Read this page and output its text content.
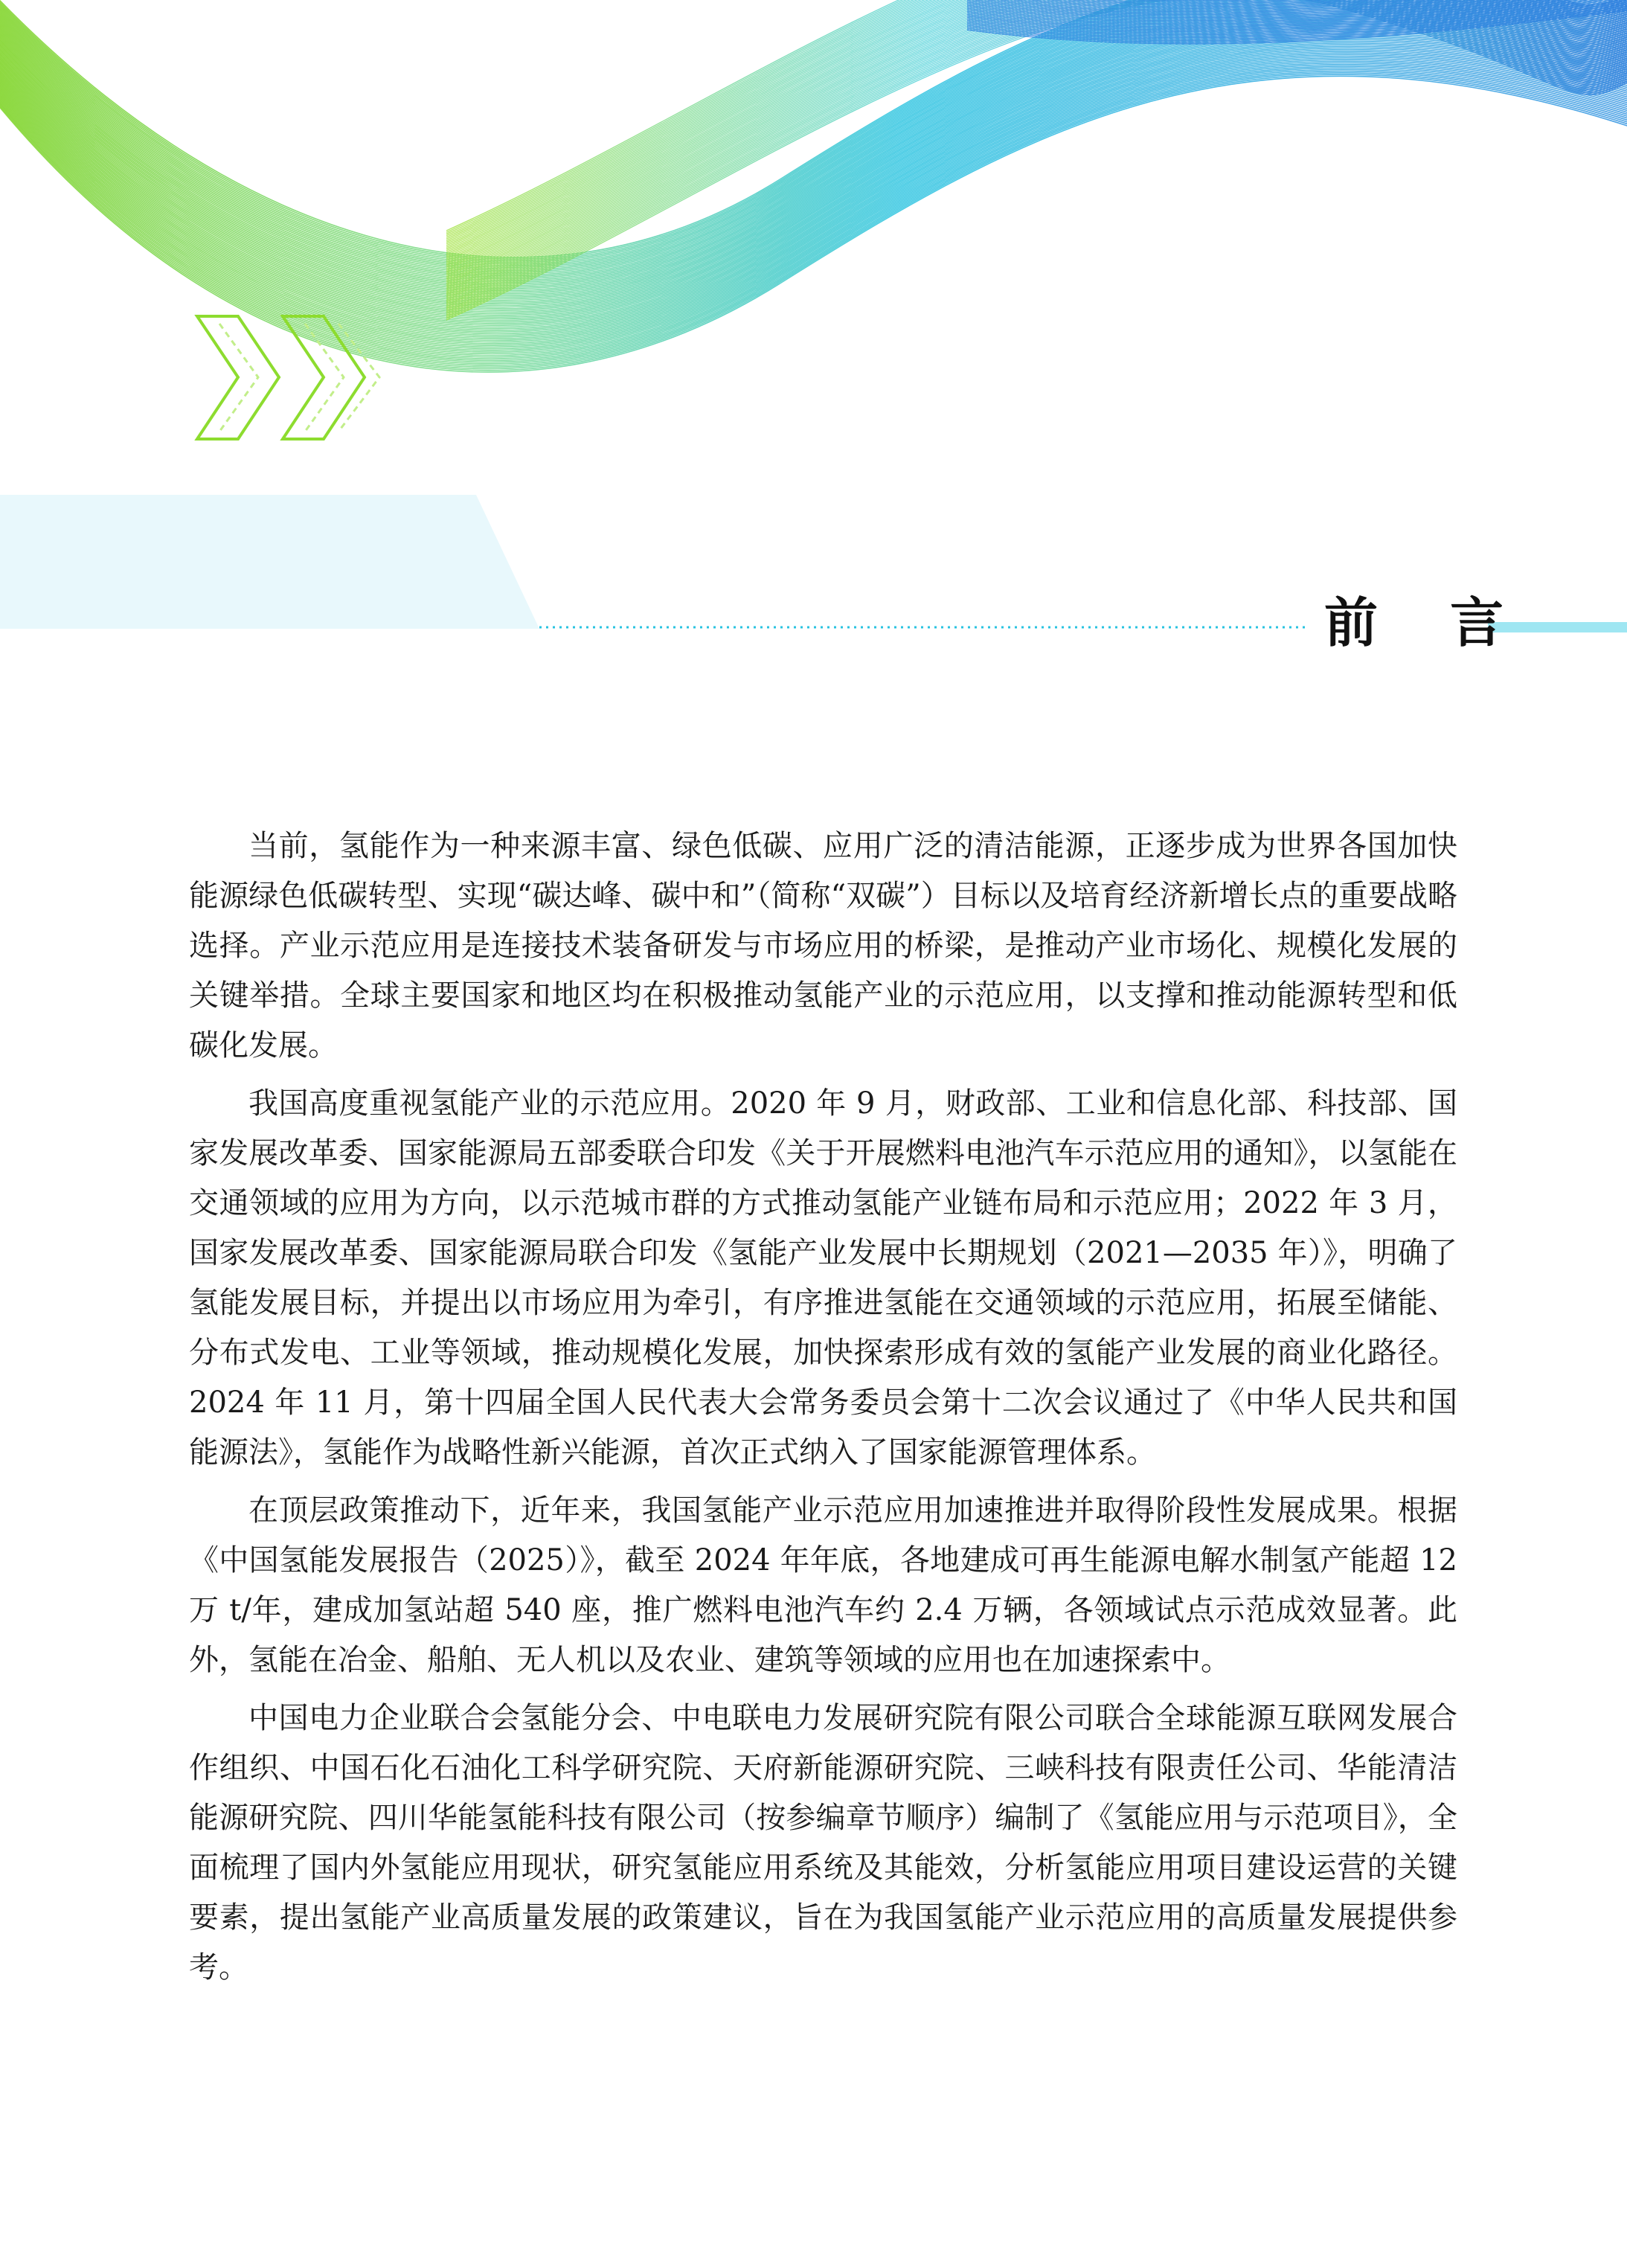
前 言

当前，氢能作为一种来源丰富、绿色低碳、应用广泛的清洁能源，正逐步成为世界各国加快能源绿色低碳转型、实现“碳达峰、碳中和”（简称“双碳”）目标以及培育经济新增长点的重要战略选择。产业示范应用是连接技术装备研发与市场应用的桥梁，是推动产业市场化、规模化发展的关键举措。全球主要国家和地区均在积极推动氢能产业的示范应用，以支撑和推动能源转型和低碳化发展。

我国高度重视氢能产业的示范应用。2020 年 9 月，财政部、工业和信息化部、科技部、国家发展改革委、国家能源局五部委联合印发《关于开展燃料电池汽车示范应用的通知》，以氢能在交通领域的应用为方向，以示范城市群的方式推动氢能产业链布局和示范应用；2022 年 3 月，国家发展改革委、国家能源局联合印发《氢能产业发展中长期规划（2021—2035 年）》，明确了氢能发展目标，并提出以市场应用为牵引，有序推进氢能在交通领域的示范应用，拓展至储能、分布式发电、工业等领域，推动规模化发展，加快探索形成有效的氢能产业发展的商业化路径。2024 年 11 月，第十四届全国人民代表大会常务委员会第十二次会议通过了《中华人民共和国能源法》，氢能作为战略性新兴能源，首次正式纳入了国家能源管理体系。

在顶层政策推动下，近年来，我国氢能产业示范应用加速推进并取得阶段性发展成果。根据《中国氢能发展报告（2025）》，截至 2024 年年底，各地建成可再生能源电解水制氢产能超 12 万 t/年，建成加氢站超 540 座，推广燃料电池汽车约 2.4 万辆，各领域试点示范成效显著。此外，氢能在冶金、船舶、无人机以及农业、建筑等领域的应用也在加速探索中。

中国电力企业联合会氢能分会、中电联电力发展研究院有限公司联合全球能源互联网发展合作组织、中国石化石油化工科学研究院、天府新能源研究院、三峡科技有限责任公司、华能清洁能源研究院、四川华能氢能科技有限公司（按参编章节顺序）编制了《氢能应用与示范项目》，全面梳理了国内外氢能应用现状，研究氢能应用系统及其能效，分析氢能应用项目建设运营的关键要素，提出氢能产业高质量发展的政策建议，旨在为我国氢能产业示范应用的高质量发展提供参考。
